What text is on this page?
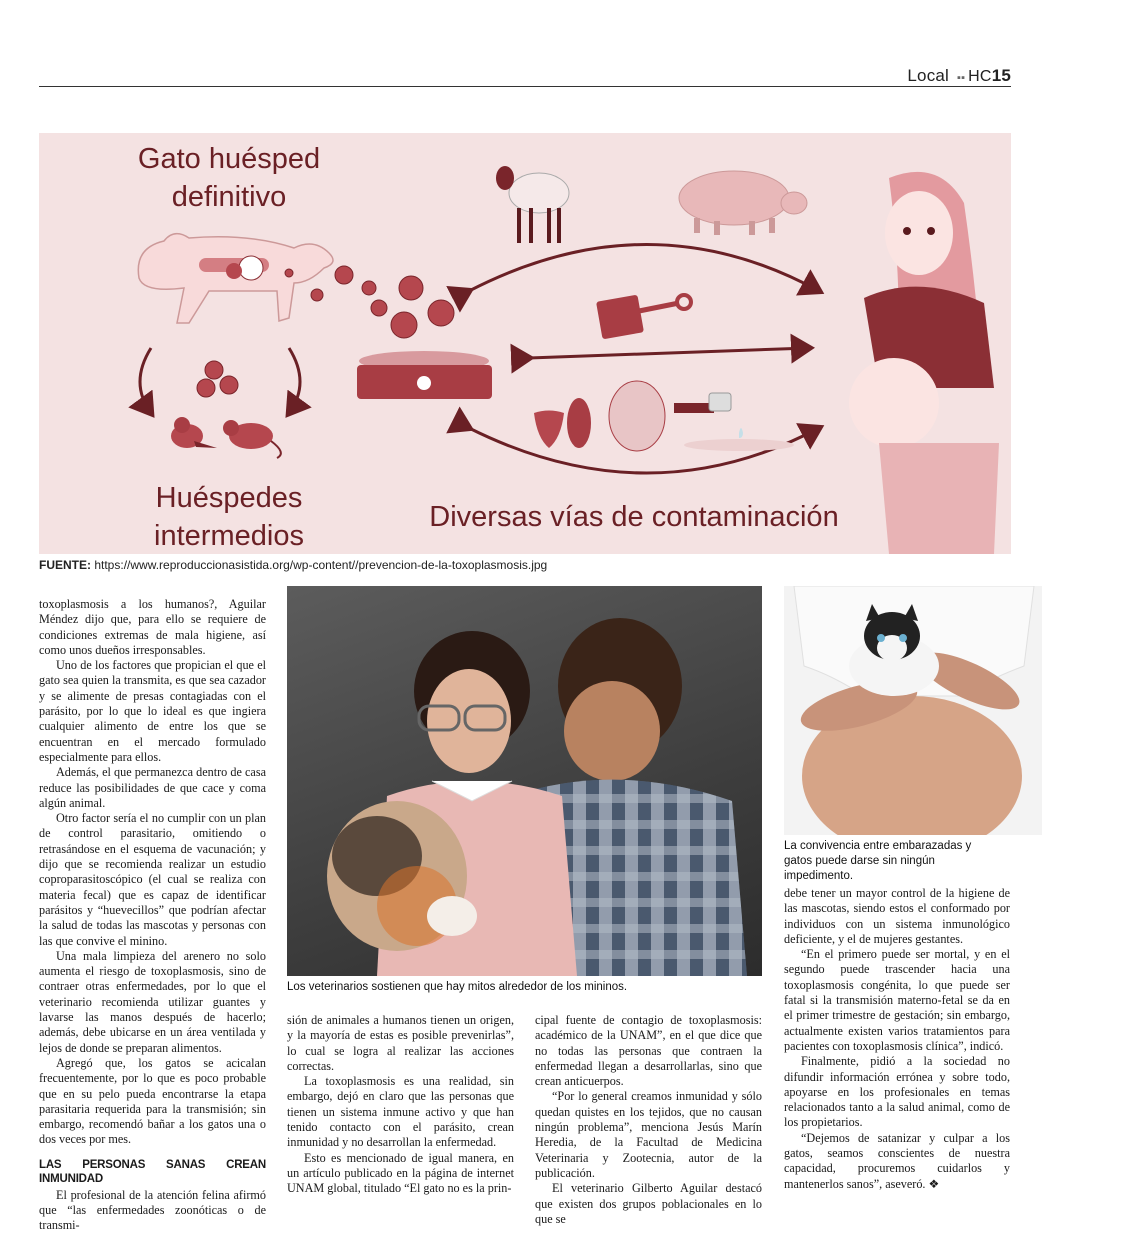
Local ▪▪ HC15
Gato huésped definitivo
Huéspedes intermedios
Diversas vías de contaminación
FUENTE: https://www.reproduccionasistida.org/wp-content//prevencion-de-la-toxoplasmosis.jpg

toxoplasmosis a los humanos?, Aguilar Méndez dijo que, para ello se requiere de condiciones extremas de mala higiene, así como unos dueños irresponsables.

Uno de los factores que propician el que el gato sea quien la transmita, es que sea cazador y se alimente de presas contagiadas con el parásito, por lo que lo ideal es que ingiera cualquier alimento de entre los que se encuentran en el mercado formulado especialmente para ellos.

Además, el que permanezca dentro de casa reduce las posibilidades de que cace y coma algún animal.

Otro factor sería el no cumplir con un plan de control parasitario, omitiendo o retrasándose en el esquema de vacunación; y dijo que se recomienda realizar un estudio coproparasitoscópico (el cual se realiza con materia fecal) que es capaz de identificar parásitos y “huevecillos” que podrían afectar la salud de todas las mascotas y personas con las que convive el minino.

Una mala limpieza del arenero no solo aumenta el riesgo de toxoplasmosis, sino de contraer otras enfermedades, por lo que el veterinario recomienda utilizar guantes y lavarse las manos después de hacerlo; además, debe ubicarse en un área ventilada y lejos de donde se preparan alimentos.

Agregó que, los gatos se acicalan frecuentemente, por lo que es poco probable que en su pelo pueda encontrarse la etapa parasitaria requerida para la transmisión; sin embargo, recomendó bañar a los gatos una o dos veces por mes.

LAS PERSONAS SANAS CREAN INMUNIDAD

El profesional de la atención felina afirmó que “las enfermedades zoonóticas o de transmi-

Los veterinarios sostienen que hay mitos alrededor de los mininos.
La convivencia entre embarazadas y gatos puede darse sin ningún impedimento.

sión de animales a humanos tienen un origen, y la mayoría de estas es posible prevenirlas”, lo cual se logra al realizar las acciones correctas.

La toxoplasmosis es una realidad, sin embargo, dejó en claro que las personas que tienen un sistema inmune activo y que han tenido contacto con el parásito, crean inmunidad y no desarrollan la enfermedad.

Esto es mencionado de igual manera, en un artículo publicado en la página de internet UNAM global, titulado “El gato no es la prin-

cipal fuente de contagio de toxoplasmosis: académico de la UNAM”, en el que dice que no todas las personas que contraen la enfermedad llegan a desarrollarlas, sino que crean anticuerpos.

“Por lo general creamos inmunidad y sólo quedan quistes en los tejidos, que no causan ningún problema”, menciona Jesús Marín Heredia, de la Facultad de Medicina Veterinaria y Zootecnia, autor de la publicación.

El veterinario Gilberto Aguilar destacó que existen dos grupos poblacionales en lo que se

debe tener un mayor control de la higiene de las mascotas, siendo estos el conformado por individuos con un sistema inmunológico deficiente, y el de mujeres gestantes.

“En el primero puede ser mortal, y en el segundo puede trascender hacia una toxoplasmosis congénita, lo que puede ser fatal si la transmisión materno-fetal se da en el primer trimestre de gestación; sin embargo, actualmente existen varios tratamientos para pacientes con toxoplasmosis clínica”, indicó.

Finalmente, pidió a la sociedad no difundir información errónea y sobre todo, apoyarse en los profesionales en temas relacionados tanto a la salud animal, como de los propietarios.

“Dejemos de satanizar y culpar a los gatos, seamos conscientes de nuestra capacidad, procuremos cuidarlos y mantenerlos sanos”, aseveró. ❖
